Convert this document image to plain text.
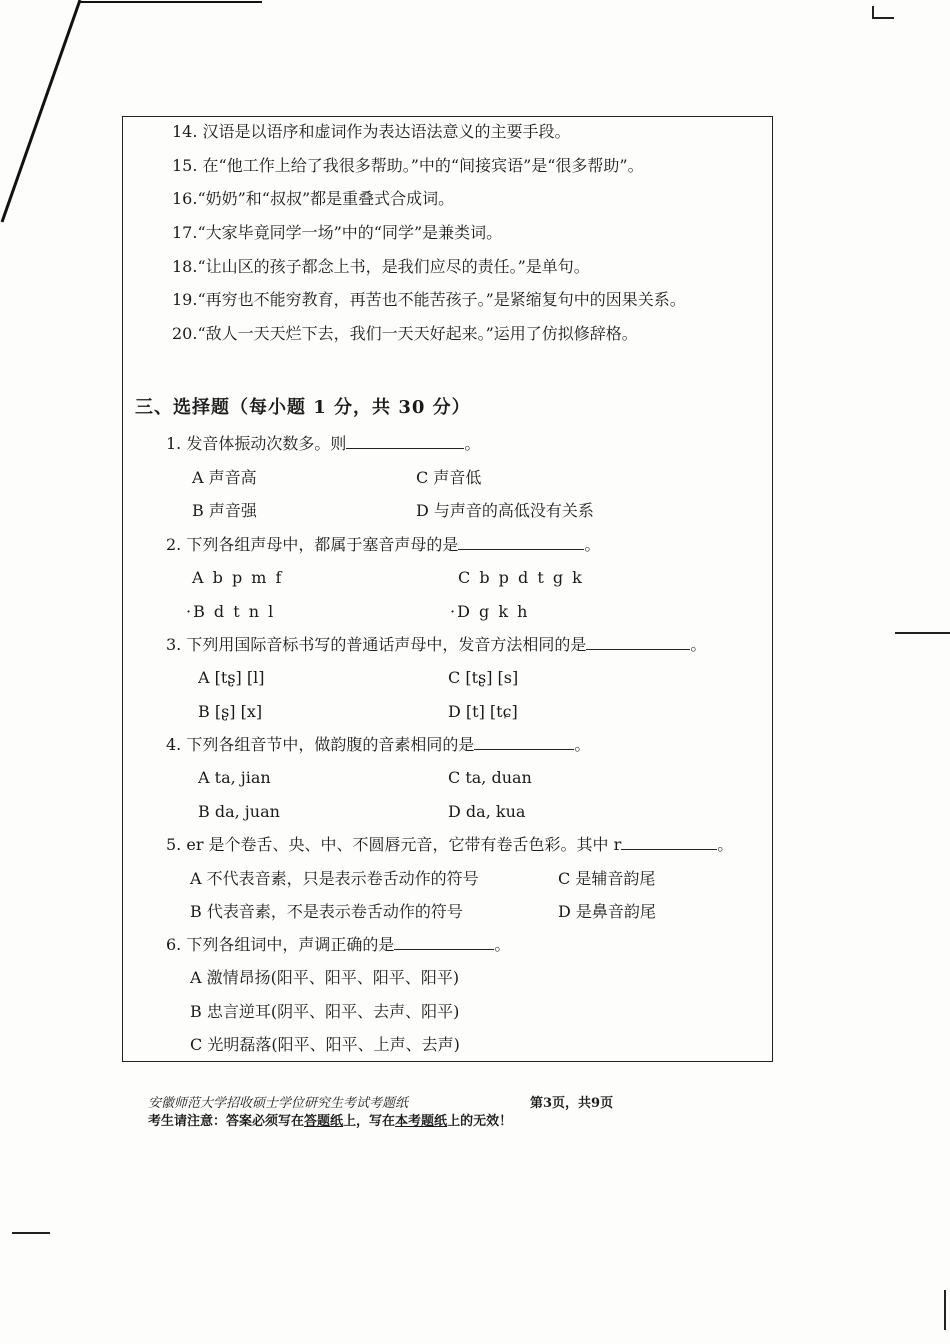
14. 汉语是以语序和虚词作为表达语法意义的主要手段。
15. 在“他工作上给了我很多帮助。”中的“间接宾语”是“很多帮助”。
16.“奶奶”和“叔叔”都是重叠式合成词。
17.“大家毕竟同学一场”中的“同学”是兼类词。
18.“让山区的孩子都念上书，是我们应尽的责任。”是单句。
19.“再穷也不能穷教育，再苦也不能苦孩子。”是紧缩复句中的因果关系。
20.“敌人一天天烂下去，我们一天天好起来。”运用了仿拟修辞格。
三、选择题（每小题 1 分，共 30 分）
1. 发音体振动次数多。则	。
A 声音高	C 声音低
B 声音强	D 与声音的高低没有关系
2. 下列各组声母中，都属于塞音声母的是	。
A b p m f	C b p d t g k
·B d t n l	·D g k h
3. 下列用国际音标书写的普通话声母中，发音方法相同的是	。
A [tʂ] [l]	C [tʂ] [s]
B [ʂ] [x]	D [t] [tɕ]
4. 下列各组音节中，做韵腹的音素相同的是	。
A ta, jian	C ta, duan
B da, juan	D da, kua
5. er 是个卷舌、央、中、不圆唇元音，它带有卷舌色彩。其中 r	。
A 不代表音素，只是表示卷舌动作的符号	C 是辅音韵尾
B 代表音素，不是表示卷舌动作的符号	D 是鼻音韵尾
6. 下列各组词中，声调正确的是	。
A 激情昂扬(阳平、阳平、阳平、阳平)
B 忠言逆耳(阴平、阳平、去声、阳平)
C 光明磊落(阳平、阳平、上声、去声)
安徽师范大学招收硕士学位研究生考试考题纸	第3页，共9页
考生请注意：答案必须写在答题纸上，写在本考题纸上的无效！
